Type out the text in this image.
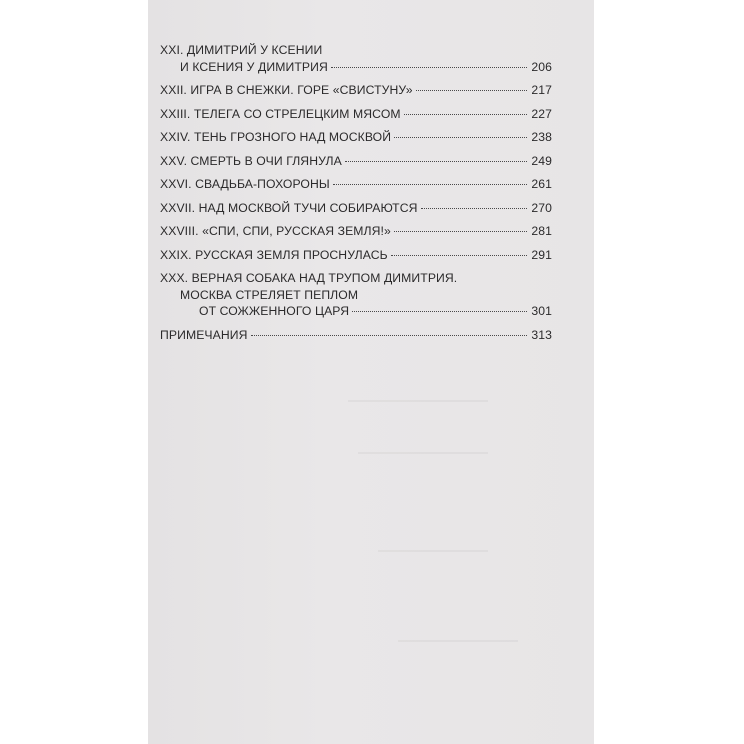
XXI. ДИМИТРИЙ У КСЕНИИ
И КСЕНИЯ У ДИМИТРИЯ	206
XXII. ИГРА В СНЕЖКИ. ГОРЕ «СВИСТУНУ»	217
XXIII. ТЕЛЕГА СО СТРЕЛЕЦКИМ МЯСОМ	227
XXIV. ТЕНЬ ГРОЗНОГО НАД МОСКВОЙ	238
XXV. СМЕРТЬ В ОЧИ ГЛЯНУЛА	249
XXVI. СВАДЬБА-ПОХОРОНЫ	261
XXVII. НАД МОСКВОЙ ТУЧИ СОБИРАЮТСЯ	270
XXVIII. «СПИ, СПИ, РУССКАЯ ЗЕМЛЯ!»	281
XXIX. РУССКАЯ ЗЕМЛЯ ПРОСНУЛАСЬ	291
XXX. ВЕРНАЯ СОБАКА НАД ТРУПОМ ДИМИТРИЯ.
МОСКВА СТРЕЛЯЕТ ПЕПЛОМ
ОТ СОЖЖЕННОГО ЦАРЯ	301
ПРИМЕЧАНИЯ	313
